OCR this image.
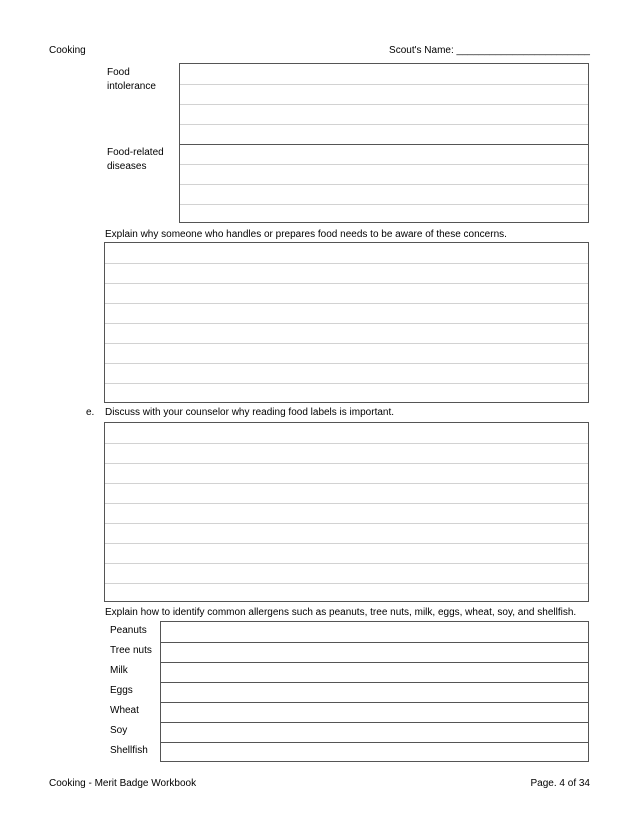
Cooking	Scout's Name: ________________________
Food intolerance
Food-related diseases
Explain why someone who handles or prepares food needs to be aware of these concerns.
e. Discuss with your counselor why reading food labels is important.
Explain how to identify common allergens such as peanuts, tree nuts, milk, eggs, wheat, soy, and shellfish.
Peanuts
Tree nuts
Milk
Eggs
Wheat
Soy
Shellfish
Cooking - Merit Badge Workbook	Page. 4 of 34
